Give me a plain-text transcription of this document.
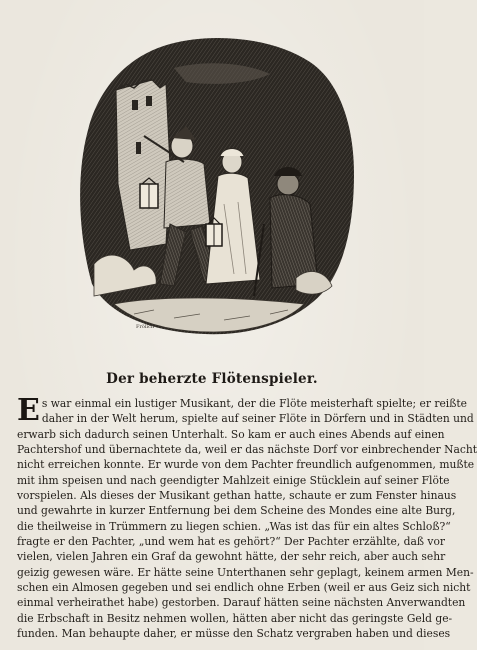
Frölich
Der beherzte Flötenspieler.
E s war einmal ein lustiger Musikant, der die Flöte meisterhaft spielte; er reißte
daher in der Welt herum, spielte auf seiner Flöte in Dörfern und in Städten und
erwarb sich dadurch seinen Unterhalt. So kam er auch eines Abends auf einen
Pachtershof und übernachtete da, weil er das nächste Dorf vor einbrechender Nacht
nicht erreichen konnte. Er wurde von dem Pachter freundlich aufgenommen, mußte
mit ihm speisen und nach geendigter Mahlzeit einige Stücklein auf seiner Flöte
vorspielen. Als dieses der Musikant gethan hatte, schaute er zum Fenster hinaus
und gewahrte in kurzer Entfernung bei dem Scheine des Mondes eine alte Burg,
die theilweise in Trümmern zu liegen schien. „Was ist das für ein altes Schloß?“
fragte er den Pachter, „und wem hat es gehört?“ Der Pachter erzählte, daß vor
vielen, vielen Jahren ein Graf da gewohnt hätte, der sehr reich, aber auch sehr
geizig gewesen wäre. Er hätte seine Unterthanen sehr geplagt, keinem armen Men-
schen ein Almosen gegeben und sei endlich ohne Erben (weil er aus Geiz sich nicht
einmal verheirathet habe) gestorben. Darauf hätten seine nächsten Anverwandten
die Erbschaft in Besitz nehmen wollen, hätten aber nicht das geringste Geld ge-
funden. Man behaupte daher, er müsse den Schatz vergraben haben und dieses
